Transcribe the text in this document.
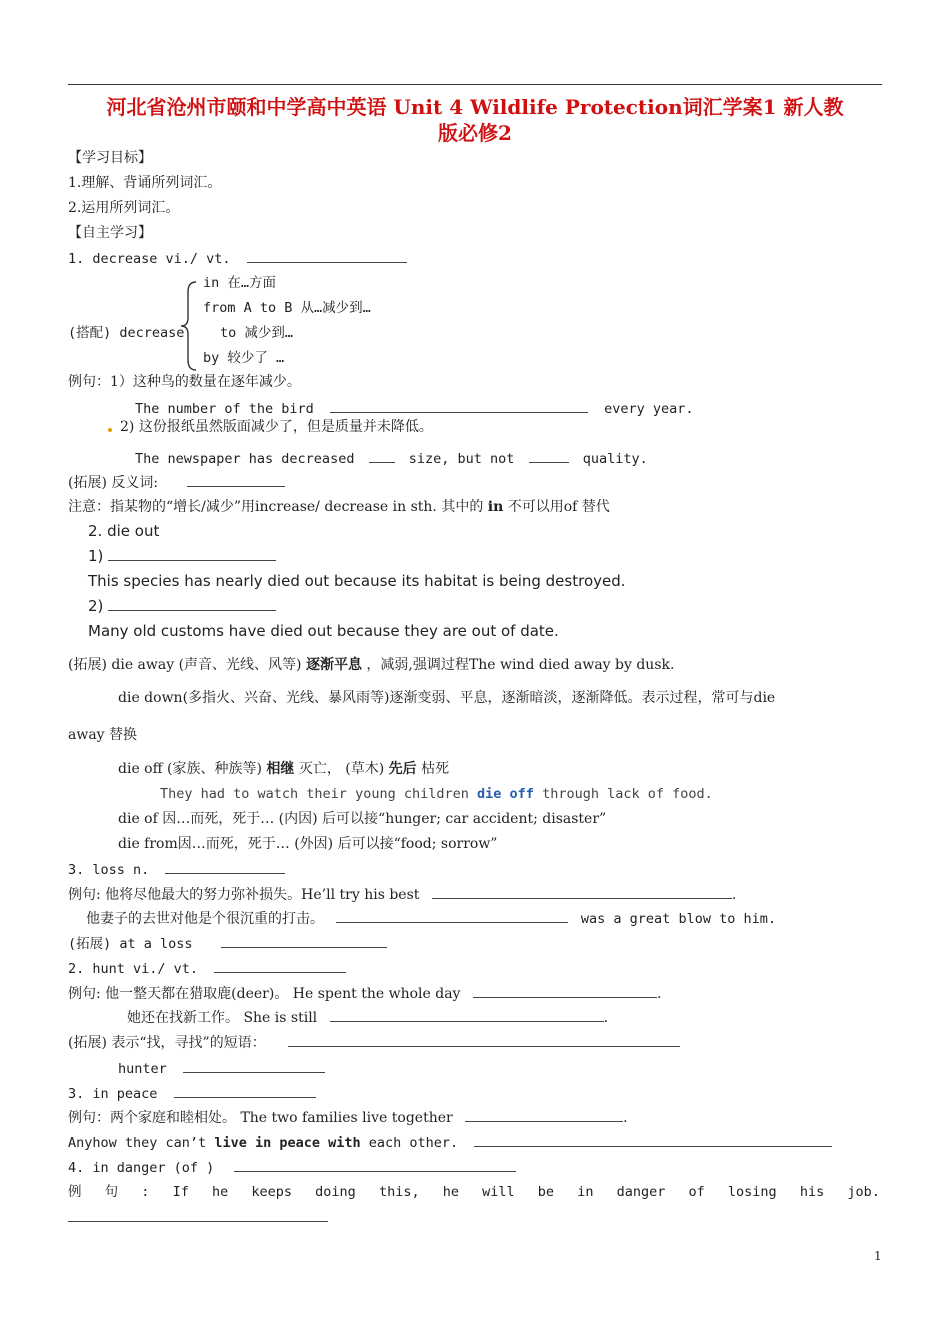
河北省沧州市颐和中学高中英语 Unit 4 Wildlife Protection词汇学案1 新人教
版必修2
【学习目标】
1.理解、背诵所列词汇。
2.运用所列词汇。
【自主学习】
1. decrease vi./ vt.
in 在…方面
from A to B 从…减少到…
(搭配) decrease	to 减少到…
by 较少了 …
例句：1）这种鸟的数量在逐年减少。
The number of the bird	every year.
2) 这份报纸虽然版面减少了，但是质量并未降低。
The newspaper has decreased	size, but not	quality.
(拓展) 反义词:
注意：指某物的“增长/减少”用increase/ decrease in sth. 其中的 in 不可以用of 替代
2. die out
1)
This species has nearly died out because its habitat is being destroyed.
2)
Many old customs have died out because they are out of date.
(拓展) die away (声音、光线、风等) 逐渐平息 ，减弱,强调过程The wind died away by dusk.
die down(多指火、兴奋、光线、暴风雨等)逐渐变弱、平息，逐渐暗淡，逐渐降低。表示过程，常可与die
away 替换
die off (家族、种族等) 相继 灭亡， (草木) 先后 枯死
They had to watch their young children die off through lack of food.
die of 因…而死，死于… (内因) 后可以接“hunger; car accident; disaster”
die from因…而死，死于… (外因) 后可以接“food; sorrow”
3. loss n.
例句: 他将尽他最大的努力弥补损失。He’ll try his best	.
他妻子的去世对他是个很沉重的打击。	was a great blow to him.
(拓展) at a loss
2. hunt vi./ vt.
例句: 他一整天都在猎取鹿(deer)。 He spent the whole day	.
她还在找新工作。 She is still	.
(拓展) 表示“找，寻找”的短语：
hunter
3. in peace
例句：两个家庭和睦相处。 The two families live together	.
Anyhow they can’t live in peace with each other.
4. in danger (of )
例 句 : If he keeps doing this, he will be in danger of losing his job.
1
